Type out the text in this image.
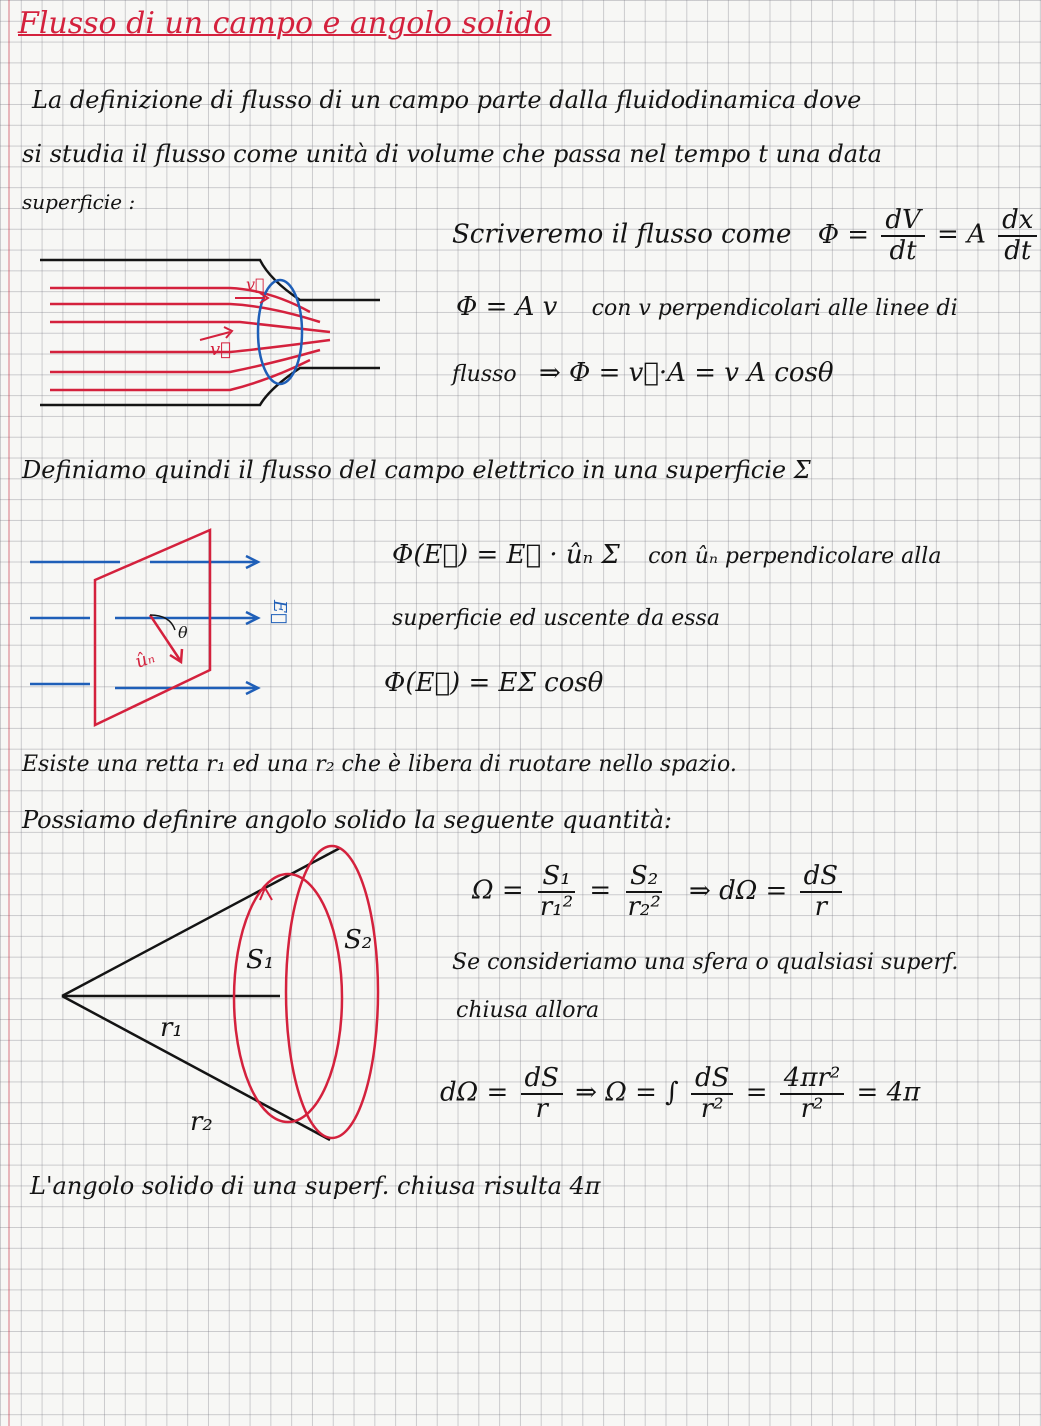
Flusso di un campo e angolo solido
La definizione di flusso di un campo parte dalla fluidodinamica dove
si studia il flusso come unità di volume che passa nel tempo t una data
superficie :
v⃗
v⃗
Scriveremo il flusso come $\Phi = \frac{dV}{dt} = A \frac{dx}{dt}$
Φ = A v con v perpendicolari alle linee di
flusso ⇒ Φ = v⃗·A = v A cosθ
Definiamo quindi il flusso del campo elettrico in una superficie Σ
θ
ûₙ
E⃗
Φ(E⃗) = E⃗ · ûₙ Σ con ûₙ perpendicolare alla
superficie ed uscente da essa
Φ(E⃗) = EΣ cosθ
Esiste una retta r₁ ed una r₂ che è libera di ruotare nello spazio.
Possiamo definire angolo solido la seguente quantità:
S₁
S₂
r₁
r₂
$\Omega = \frac{\text{S₁}}{\text{r₁²}} = \frac{\text{S₂}}{\text{r₂²}}$ ⇒ $d\Omega = \frac{dS}{r}$
Se consideriamo una sfera o qualsiasi superf.
chiusa allora
$d\Omega = \frac{dS}{r}$ ⇒ Ω = ∫ $\frac{dS}{\text{r²}} = \frac{\text{4πr²}}{\text{r²}} = 4\pi$
L'angolo solido di una superf. chiusa risulta 4π
